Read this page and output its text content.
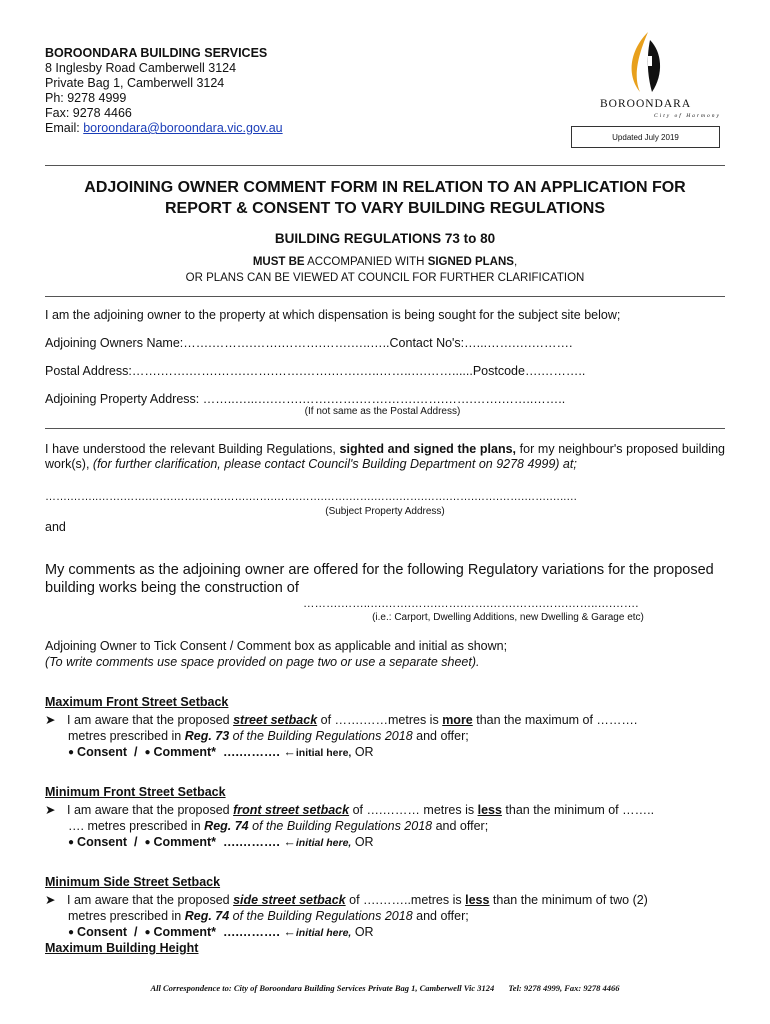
BOROONDARA BUILDING SERVICES
8 Inglesby Road Camberwell 3124
Private Bag 1, Camberwell 3124
Ph: 9278 4999
Fax: 9278 4466
Email: boroondara@boroondara.vic.gov.au
BOROONDARA
City of Harmony
Updated July 2019
ADJOINING OWNER COMMENT FORM IN RELATION TO AN APPLICATION FOR
REPORT & CONSENT TO VARY BUILDING REGULATIONS
BUILDING REGULATIONS 73 to 80
MUST BE ACCOMPANIED WITH SIGNED PLANS,
OR PLANS CAN BE VIEWED AT COUNCIL FOR FURTHER CLARIFICATION
I am the adjoining owner to the property at which dispensation is being sought for the subject site below;
Adjoining Owners Name:…….……….…….……….…….…..…..Contact No's:…...…….….……….
Postal Address:…….…….…….…….…….…….…….…….…..……..….……......Postcode….………..
Adjoining Property Address: ……..…...….…….…….…….…….…….…….…….…….……..……..
(If not same as the Postal Address)
I have understood the relevant Building Regulations, sighted and signed the plans, for my neighbour's proposed building work(s), (for further clarification, please contact Council's Building Department on 9278 4999) at;
…….……..…….…….…….…….…….…….…….…….…….…….…….…….…….…….…….…….…….…….…..…
(Subject Property Address)
and
My comments as the adjoining owner are offered for the following Regulatory variations for the proposed building works being the construction of
……….……..….…….…….…….…….…….…….…….……..….…….
(i.e.: Carport, Dwelling Additions, new Dwelling & Garage etc)
Adjoining Owner to Tick Consent / Comment box as applicable and initial as shown;
(To write comments use space provided on page two or use a separate sheet).
Maximum Front Street Setback
➤ I am aware that the proposed street setback of …….……metres is more than the maximum of ……….
metres prescribed in Reg. 73 of the Building Regulations 2018 and offer;
● Consent / ● Comment* ….………. ←initial here, OR
Minimum Front Street Setback
➤ I am aware that the proposed front street setback of ….……… metres is less than the minimum of ……..
…. metres prescribed in Reg. 74 of the Building Regulations 2018 and offer;
● Consent / ● Comment* ….………. ←initial here, OR
Minimum Side Street Setback
➤ I am aware that the proposed side street setback of ….……..metres is less than the minimum of two (2)
metres prescribed in Reg. 74 of the Building Regulations 2018 and offer;
● Consent / ● Comment* ….………. ←initial here, OR
Maximum Building Height
All Correspondence to: City of Boroondara Building Services Private Bag 1, Camberwell Vic 3124 Tel: 9278 4999, Fax: 9278 4466
